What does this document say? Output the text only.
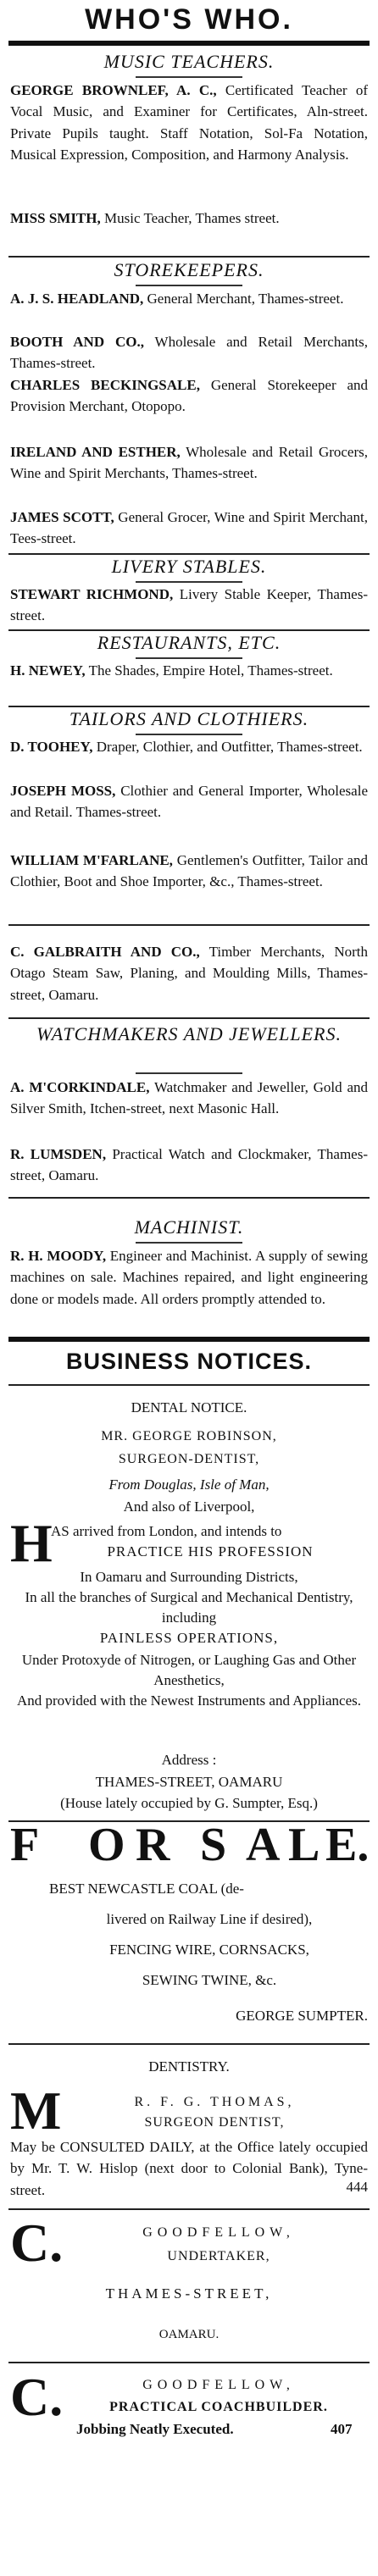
WHO'S WHO.
MUSIC TEACHERS.

GEORGE BROWNLEF, A. C., Certificated Teacher of Vocal Music, and Examiner for Certificates, Aln-street. Private Pupils taught. Staff Notation, Sol-Fa Notation, Musical Expression, Composition, and Harmony Analysis.

MISS SMITH, Music Teacher, Thames street.

STOREKEEPERS.

A. J. S. HEADLAND, General Merchant, Thames-street.

BOOTH AND CO., Wholesale and Retail Merchants, Thames-street.

CHARLES BECKINGSALE, General Storekeeper and Provision Merchant, Otopopo.

IRELAND AND ESTHER, Wholesale and Retail Grocers, Wine and Spirit Merchants, Thames-street.

JAMES SCOTT, General Grocer, Wine and Spirit Merchant, Tees-street.

LIVERY STABLES.

STEWART RICHMOND, Livery Stable Keeper, Thames-street.

RESTAURANTS, ETC.

H. NEWEY, The Shades, Empire Hotel, Thames-street.

TAILORS AND CLOTHIERS.

D. TOOHEY, Draper, Clothier, and Outfitter, Thames-street.

JOSEPH MOSS, Clothier and General Importer, Wholesale and Retail. Thames-street.

WILLIAM M'FARLANE, Gentlemen's Outfitter, Tailor and Clothier, Boot and Shoe Importer, &c., Thames-street.

C. GALBRAITH AND CO., Timber Merchants, North Otago Steam Saw, Planing, and Moulding Mills, Thames-street, Oamaru.

WATCHMAKERS AND JEWELLERS.

A. M'CORKINDALE, Watchmaker and Jeweller, Gold and Silver Smith, Itchen-street, next Masonic Hall.

R. LUMSDEN, Practical Watch and Clockmaker, Thames-street, Oamaru.

MACHINIST.

R. H. MOODY, Engineer and Machinist. A supply of sewing machines on sale. Machines repaired, and light engineering done or models made. All orders promptly attended to.

BUSINESS NOTICES.
DENTAL NOTICE.
MR. GEORGE ROBINSON,
SURGEON-DENTIST,
From Douglas, Isle of Man,
And also of Liverpool,
H
AS arrived from London, and intends to
PRACTICE HIS PROFESSION
In Oamaru and Surrounding Districts,
In all the branches of Surgical and Mechanical Dentistry, including
PAINLESS OPERATIONS,
Under Protoxyde of Nitrogen, or Laughing Gas and Other Anesthetics,
And provided with the Newest Instruments and Appliances.
Address :
THAMES-STREET, OAMARU
(House lately occupied by G. Sumpter, Esq.)
F O R S A L E.
BEST NEWCASTLE COAL (de-
livered on Railway Line if desired),
FENCING WIRE, CORNSACKS,
SEWING TWINE, &c.
GEORGE SUMPTER.
DENTISTRY.
M	R. F. G. THOMAS,
SURGEON DENTIST,

May be CONSULTED DAILY, at the Office lately occupied by Mr. T. W. Hislop (next door to Colonial Bank), Tyne-street.	444
C.	GOODFELLOW,
UNDERTAKER,
THAMES-STREET,
OAMARU.
C.	GOODFELLOW,
PRACTICAL COACHBUILDER.
Jobbing Neatly Executed.	407
